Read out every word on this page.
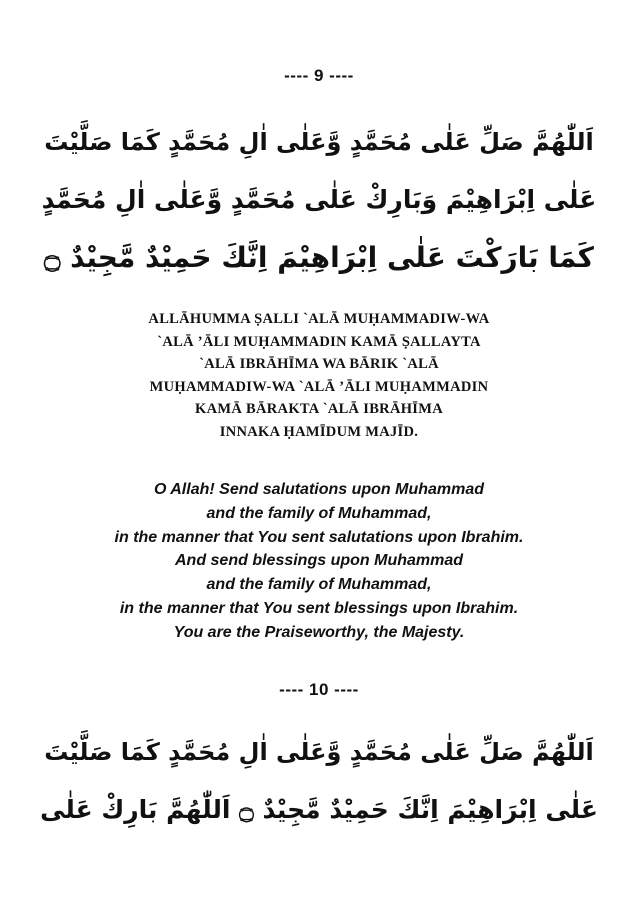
---- 9 ----
اَللّٰهُمَّ صَلِّ عَلٰى مُحَمَّدٍ وَّعَلٰى اٰلِ مُحَمَّدٍ كَمَا صَلَّيْتَ
عَلٰى اِبْرَاهِيْمَ وَبَارِكْ عَلٰى مُحَمَّدٍ وَّعَلٰى اٰلِ مُحَمَّدٍ
كَمَا بَارَكْتَ عَلٰى اِبْرَاهِيْمَ اِنَّكَ حَمِيْدٌ مَّجِيْدٌ ۝
ALLĀHUMMA ṢALLI `ALĀ MUḤAMMADIW-WA
`ALĀ ’ĀLI MUḤAMMADIN KAMĀ ṢALLAYTA
`ALĀ IBRĀHĪMA WA BĀRIK `ALĀ
MUḤAMMADIW-WA `ALĀ ’ĀLI MUḤAMMADIN
KAMĀ BĀRAKTA `ALĀ IBRĀHĪMA
INNAKA ḤAMĪDUM MAJĪD.
O Allah! Send salutations upon Muhammad
and the family of Muhammad,
in the manner that You sent salutations upon Ibrahim.
And send blessings upon Muhammad
and the family of Muhammad,
in the manner that You sent blessings upon Ibrahim.
You are the Praiseworthy, the Majesty.
---- 10 ----
اَللّٰهُمَّ صَلِّ عَلٰى مُحَمَّدٍ وَّعَلٰى اٰلِ مُحَمَّدٍ كَمَا صَلَّيْتَ
عَلٰى اِبْرَاهِيْمَ اِنَّكَ حَمِيْدٌ مَّجِيْدٌ ۝ اَللّٰهُمَّ بَارِكْ عَلٰى
